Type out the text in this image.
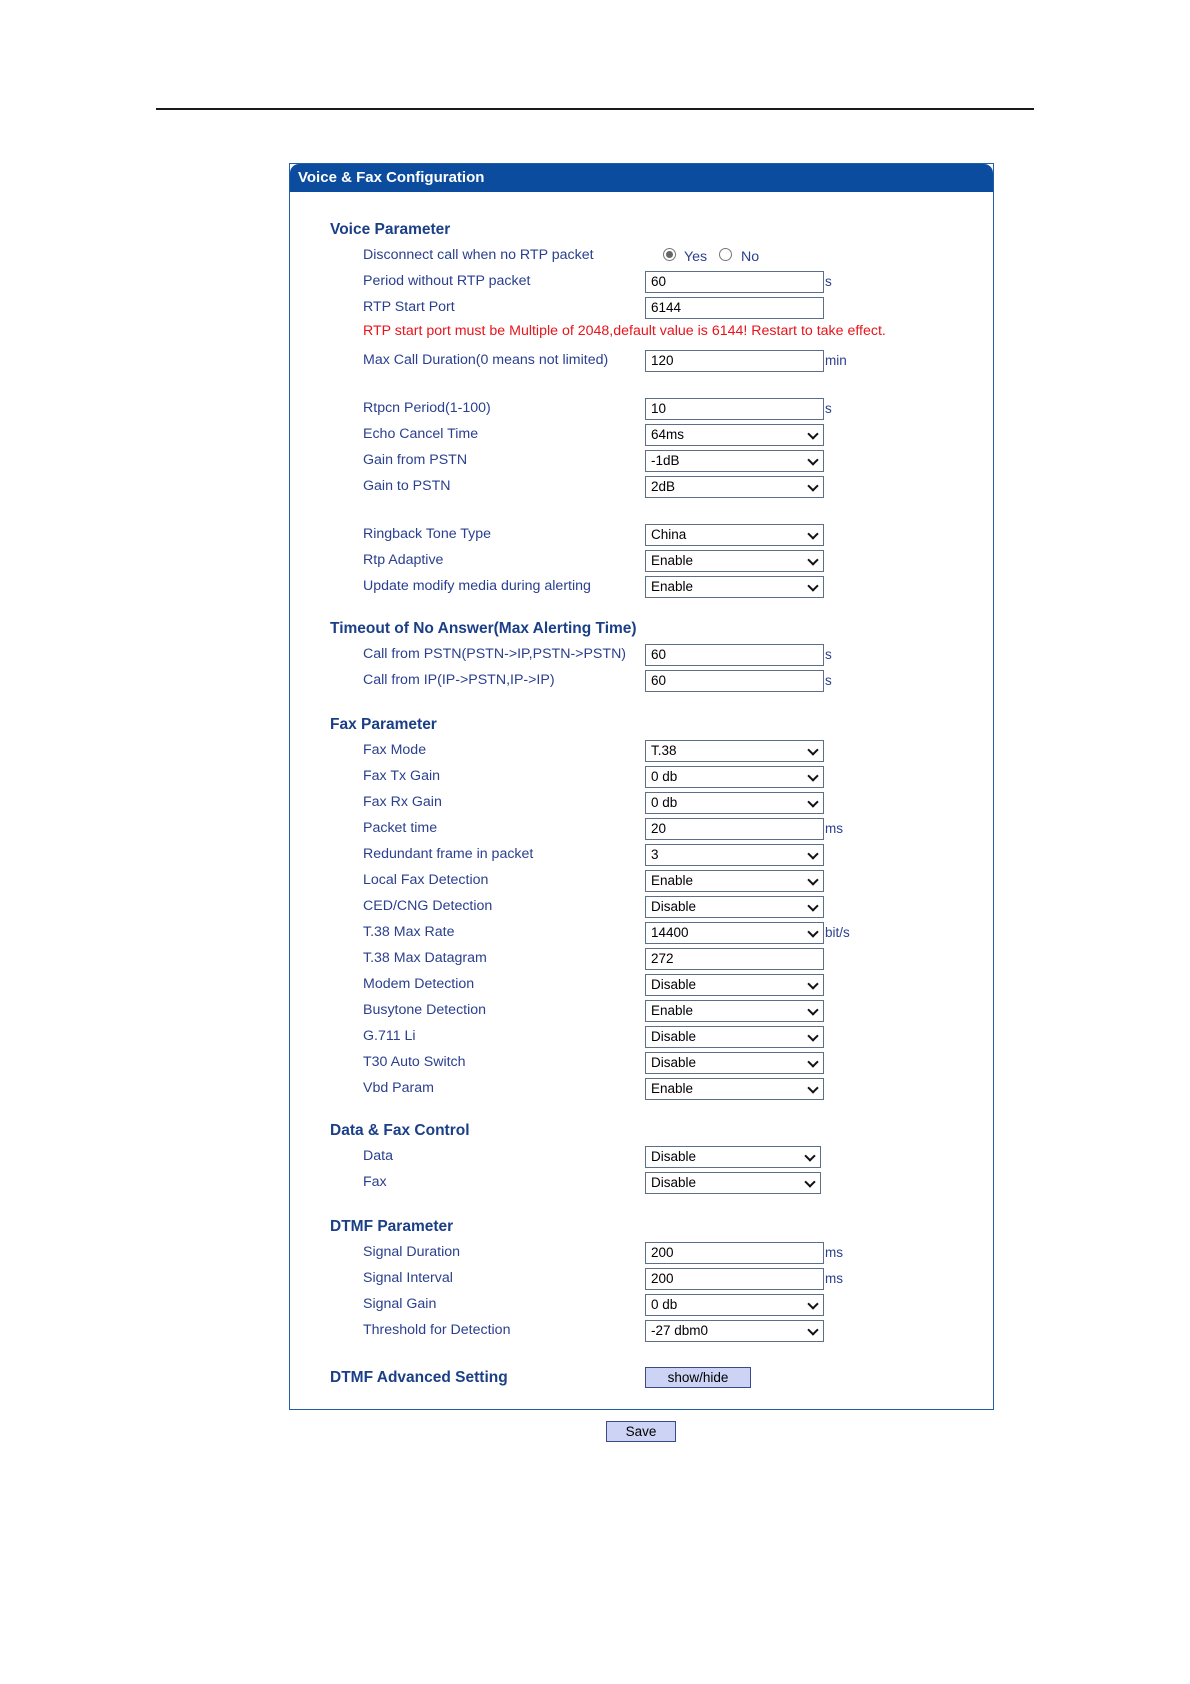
Voice & Fax Configuration
Voice Parameter
Disconnect call when no RTP packet	Yes No
Period without RTP packet	60	s
RTP Start Port	6144
RTP start port must be Multiple of 2048,default value is 6144! Restart to take effect.
Max Call Duration(0 means not limited)	120	min
Rtpcn Period(1-100)	10	s
Echo Cancel Time	64ms
Gain from PSTN	-1dB
Gain to PSTN	2dB
Ringback Tone Type	China
Rtp Adaptive	Enable
Update modify media during alerting	Enable
Timeout of No Answer(Max Alerting Time)
Call from PSTN(PSTN->IP,PSTN->PSTN)	60	s
Call from IP(IP->PSTN,IP->IP)	60	s
Fax Parameter
Fax Mode	T.38
Fax Tx Gain	0 db
Fax Rx Gain	0 db
Packet time	20	ms
Redundant frame in packet	3
Local Fax Detection	Enable
CED/CNG Detection	Disable
T.38 Max Rate	14400	bit/s
T.38 Max Datagram	272
Modem Detection	Disable
Busytone Detection	Enable
G.711 Li	Disable
T30 Auto Switch	Disable
Vbd Param	Enable
Data & Fax Control
Data	Disable
Fax	Disable
DTMF Parameter
Signal Duration	200	ms
Signal Interval	200	ms
Signal Gain	0 db
Threshold for Detection	-27 dbm0
DTMF Advanced Setting	show/hide
Save
